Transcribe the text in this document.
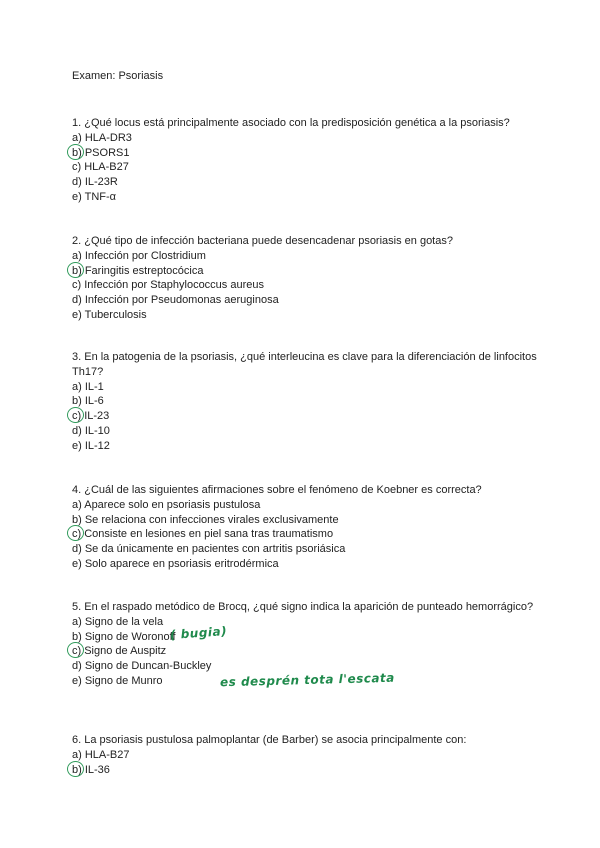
Examen: Psoriasis

1. ¿Qué locus está principalmente asociado con la predisposición genética a la psoriasis?

a) HLA-DR3

b) PSORS1

c) HLA-B27

d) IL-23R

e) TNF-α

2. ¿Qué tipo de infección bacteriana puede desencadenar psoriasis en gotas?

a) Infección por Clostridium

b) Faringitis estreptocócica

c) Infección por Staphylococcus aureus

d) Infección por Pseudomonas aeruginosa

e) Tuberculosis

3. En la patogenia de la psoriasis, ¿qué interleucina es clave para la diferenciación de linfocitos Th17?

a) IL-1

b) IL-6

c) IL-23

d) IL-10

e) IL-12

4. ¿Cuál de las siguientes afirmaciones sobre el fenómeno de Koebner es correcta?

a) Aparece solo en psoriasis pustulosa

b) Se relaciona con infecciones virales exclusivamente

c) Consiste en lesiones en piel sana tras traumatismo

d) Se da únicamente en pacientes con artritis psoriásica

e) Solo aparece en psoriasis eritrodérmica

5. En el raspado metódico de Brocq, ¿qué signo indica la aparición de punteado hemorrágico?

a) Signo de la vela

b) Signo de Woronoff

c) Signo de Auspitz

d) Signo de Duncan-Buckley

e) Signo de Munro

6. La psoriasis pustulosa palmoplantar (de Barber) se asocia principalmente con:

a) HLA-B27

b) IL-36

( bugia)
es desprén tota l'escata
